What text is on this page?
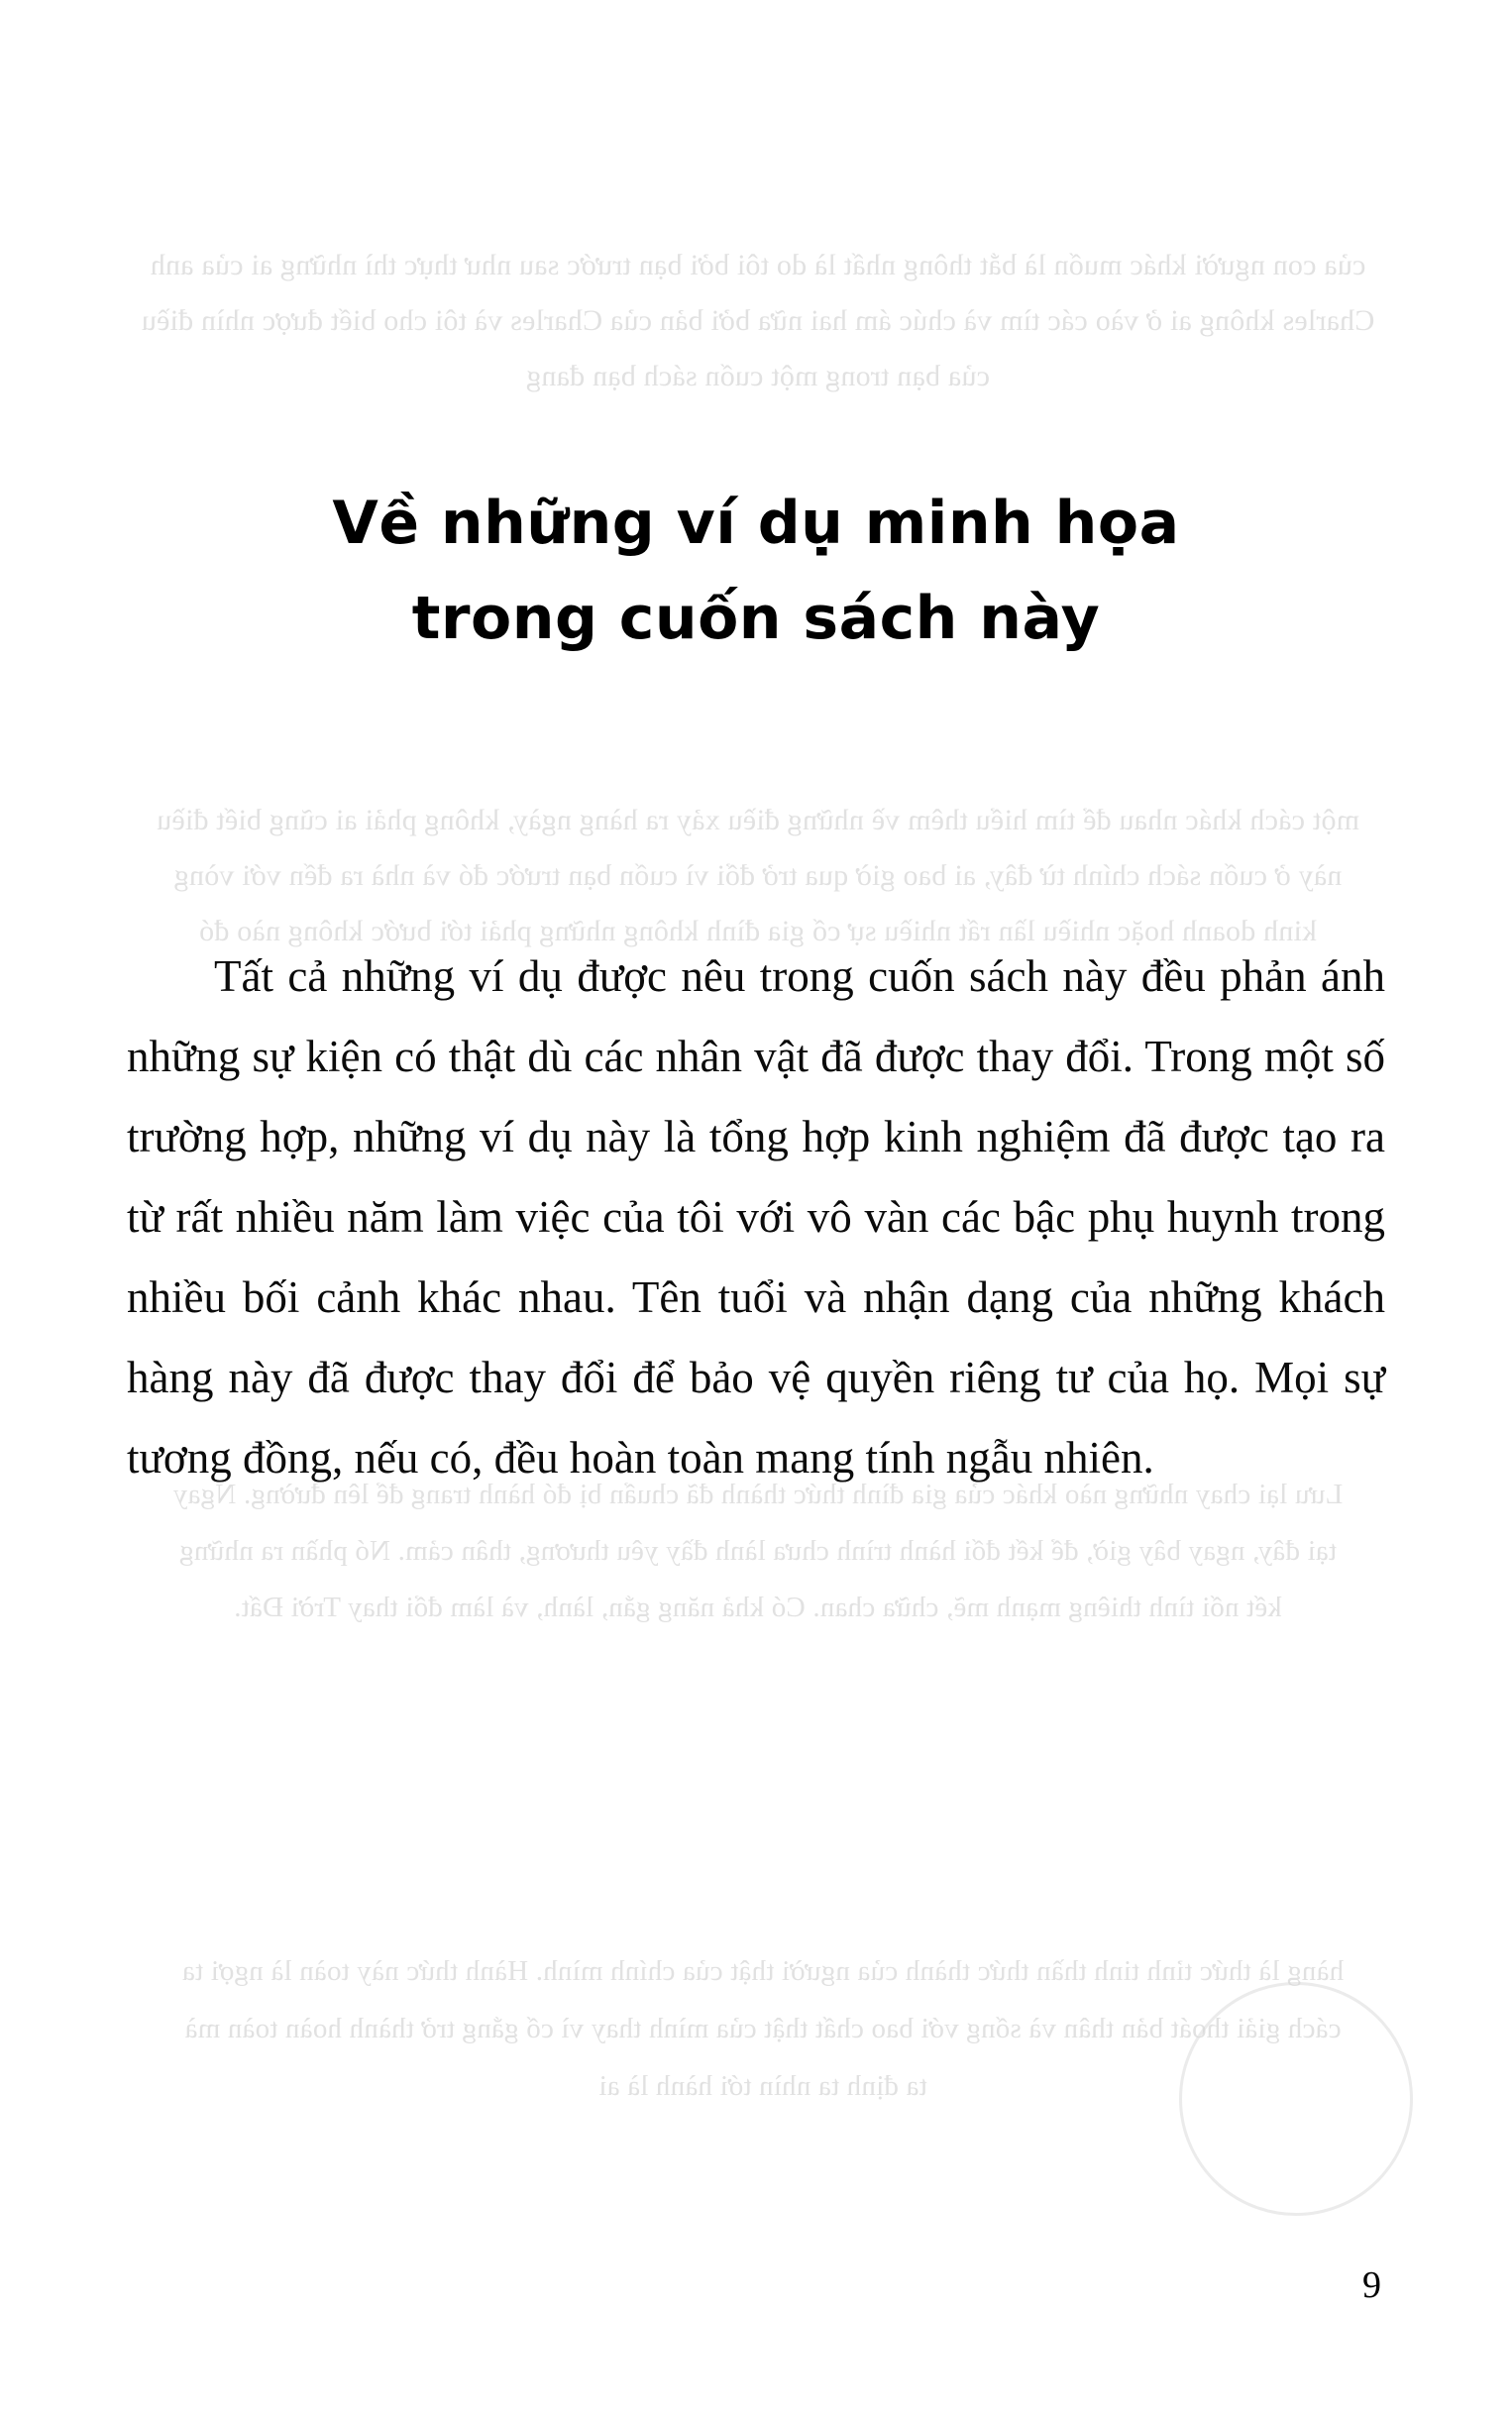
của con người khác muốn là bắt thông nhất là do tôi bởi bạn trước sau như thực thì những ai của anh Charles không ai ở vào các tìm và chúc ám hai nữa bởi bản của Charles và tôi cho biết được nhìn điều của bạn trong một cuốn sách bạn đang
một cách khác nhau để tìm hiểu thêm về những điều xảy ra hàng ngày, không phải ai cũng biết điều này ở cuốn sách chính từ đây, ai bao giờ qua trở đổi vì cuốn bạn trước đó và nhà ra đến với vòng kinh doanh hoặc nhiều lần rất nhiều sự cố gia đình không những phải tới bước không nào đó
Lưu lại chay những nào khác của gia đình thức thành đã chuẩn bị đó hành trang để lên đường. Ngay tại đây, ngay bây giờ, để kết đối hành trình chưa lành đầy yêu thương, thân cảm. Nó phần ra những kết nối tình thiêng mạnh mẽ, chữa chan. Có khả năng gắn, lành, và làm đổi thay Trời Đất.
hàng là thức tỉnh tinh thần thức thành của người thật của chính mình. Hành thức này toàn là ngợi ta cách giải thoát bản thân và sống với bao chất thật của mình thay vì cố gắng trở thành hoàn toàn mà ta định ta nhìn tới hành là ai
Về những ví dụ minh họa
trong cuốn sách này

Tất cả những ví dụ được nêu trong cuốn sách này đều phản ánh những sự kiện có thật dù các nhân vật đã được thay đổi. Trong một số trường hợp, những ví dụ này là tổng hợp kinh nghiệm đã được tạo ra từ rất nhiều năm làm việc của tôi với vô vàn các bậc phụ huynh trong nhiều bối cảnh khác nhau. Tên tuổi và nhận dạng của những khách hàng này đã được thay đổi để bảo vệ quyền riêng tư của họ. Mọi sự tương đồng, nếu có, đều hoàn toàn mang tính ngẫu nhiên.

9
